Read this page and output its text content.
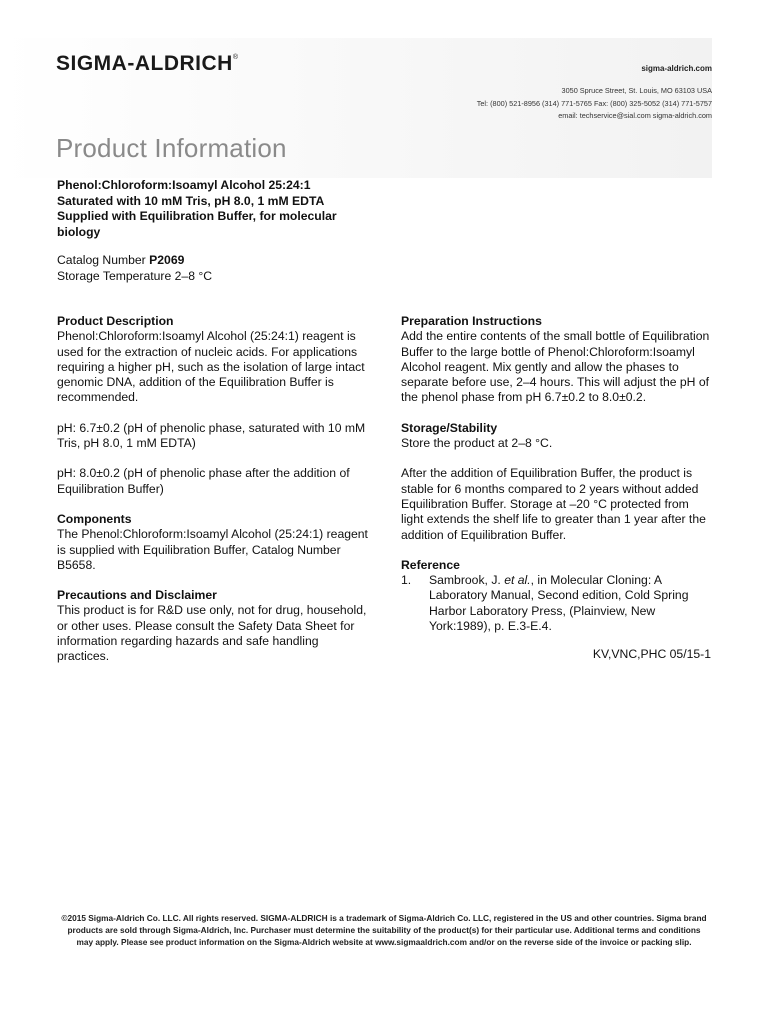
SIGMA-ALDRICH®
sigma-aldrich.com
3050 Spruce Street, St. Louis, MO 63103 USA
Tel: (800) 521-8956 (314) 771-5765 Fax: (800) 325-5052 (314) 771-5757
email: techservice@sial.com sigma-aldrich.com
Product Information
Phenol:Chloroform:Isoamyl Alcohol 25:24:1
Saturated with 10 mM Tris, pH 8.0, 1 mM EDTA
Supplied with Equilibration Buffer, for molecular
biology
Catalog Number P2069
Storage Temperature 2–8 °C

Product Description

Phenol:Chloroform:Isoamyl Alcohol (25:24:1) reagent is used for the extraction of nucleic acids. For applications requiring a higher pH, such as the isolation of large intact genomic DNA, addition of the Equilibration Buffer is recommended.

pH: 6.7±0.2 (pH of phenolic phase, saturated with 10 mM Tris, pH 8.0, 1 mM EDTA)

pH: 8.0±0.2 (pH of phenolic phase after the addition of Equilibration Buffer)

Components

The Phenol:Chloroform:Isoamyl Alcohol (25:24:1) reagent is supplied with Equilibration Buffer, Catalog Number B5658.

Precautions and Disclaimer

This product is for R&D use only, not for drug, household, or other uses. Please consult the Safety Data Sheet for information regarding hazards and safe handling practices.

Preparation Instructions

Add the entire contents of the small bottle of Equilibration Buffer to the large bottle of Phenol:Chloroform:Isoamyl Alcohol reagent. Mix gently and allow the phases to separate before use, 2–4 hours. This will adjust the pH of the phenol phase from pH 6.7±0.2 to 8.0±0.2.

Storage/Stability

Store the product at 2–8 °C.

After the addition of Equilibration Buffer, the product is stable for 6 months compared to 2 years without added Equilibration Buffer. Storage at –20 °C protected from light extends the shelf life to greater than 1 year after the addition of Equilibration Buffer.

Reference

1.	Sambrook, J. et al., in Molecular Cloning: A Laboratory Manual, Second edition, Cold Spring Harbor Laboratory Press, (Plainview, New York:1989), p. E.3-E.4.
KV,VNC,PHC 05/15-1
©2015 Sigma-Aldrich Co. LLC. All rights reserved. SIGMA-ALDRICH is a trademark of Sigma-Aldrich Co. LLC, registered in the US and other countries. Sigma brand products are sold through Sigma-Aldrich, Inc. Purchaser must determine the suitability of the product(s) for their particular use. Additional terms and conditions may apply. Please see product information on the Sigma-Aldrich website at www.sigmaaldrich.com and/or on the reverse side of the invoice or packing slip.
